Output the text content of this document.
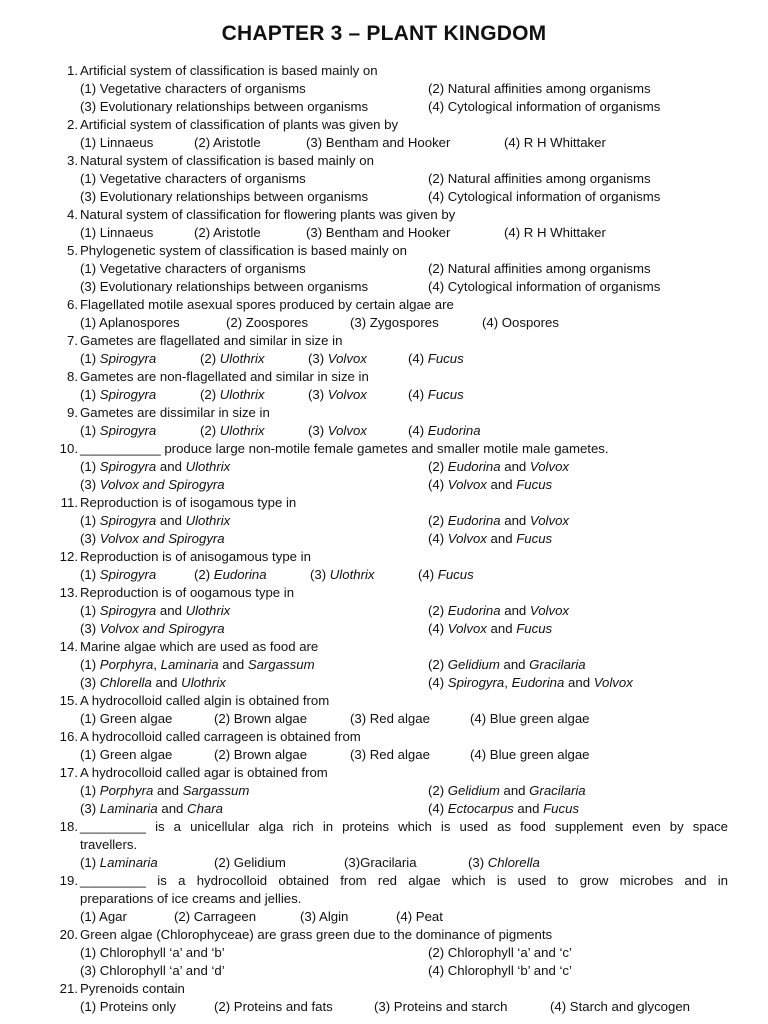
CHAPTER 3 – PLANT KINGDOM
1. Artificial system of classification is based mainly on
(1) Vegetative characters of organisms	(2) Natural affinities among organisms
(3) Evolutionary relationships between organisms	(4) Cytological information of organisms
2. Artificial system of classification of plants was given by
(1) Linnaeus	(2) Aristotle	(3) Bentham and Hooker	(4) R H Whittaker
3. Natural system of classification is based mainly on
(1) Vegetative characters of organisms	(2) Natural affinities among organisms
(3) Evolutionary relationships between organisms	(4) Cytological information of organisms
4. Natural system of classification for flowering plants was given by
(1) Linnaeus	(2) Aristotle	(3) Bentham and Hooker	(4) R H Whittaker
5. Phylogenetic system of classification is based mainly on
(1) Vegetative characters of organisms	(2) Natural affinities among organisms
(3) Evolutionary relationships between organisms	(4) Cytological information of organisms
6. Flagellated motile asexual spores produced by certain algae are
(1) Aplanospores	(2) Zoospores	(3) Zygospores	(4) Oospores
7. Gametes are flagellated and similar in size in
(1) Spirogyra	(2) Ulothrix	(3) Volvox	(4) Fucus
8. Gametes are non-flagellated and similar in size in
(1) Spirogyra	(2) Ulothrix	(3) Volvox	(4) Fucus
9. Gametes are dissimilar in size in
(1) Spirogyra	(2) Ulothrix	(3) Volvox	(4) Eudorina
10. ___________ produce large non-motile female gametes and smaller motile male gametes.
(1) Spirogyra and Ulothrix	(2) Eudorina and Volvox
(3) Volvox and Spirogyra	(4) Volvox and Fucus
11. Reproduction is of isogamous type in
(1) Spirogyra and Ulothrix	(2) Eudorina and Volvox
(3) Volvox and Spirogyra	(4) Volvox and Fucus
12. Reproduction is of anisogamous type in
(1) Spirogyra	(2) Eudorina	(3) Ulothrix	(4) Fucus
13. Reproduction is of oogamous type in
(1) Spirogyra and Ulothrix	(2) Eudorina and Volvox
(3) Volvox and Spirogyra	(4) Volvox and Fucus
14. Marine algae which are used as food are
(1) Porphyra, Laminaria and Sargassum	(2) Gelidium and Gracilaria
(3) Chlorella and Ulothrix	(4) Spirogyra, Eudorina and Volvox
15. A hydrocolloid called algin is obtained from
(1) Green algae	(2) Brown algae	(3) Red algae	(4) Blue green algae
16. A hydrocolloid called carrageen is obtained from
(1) Green algae	(2) Brown algae	(3) Red algae	(4) Blue green algae
17. A hydrocolloid called agar is obtained from
(1) Porphyra and Sargassum	(2) Gelidium and Gracilaria
(3) Laminaria and Chara	(4) Ectocarpus and Fucus
18. _________ is a unicellular alga rich in proteins which is used as food supplement even by space
travellers.
(1) Laminaria	(2) Gelidium	(3)Gracilaria	(3) Chlorella
19. _________ is a hydrocolloid obtained from red algae which is used to grow microbes and in
preparations of ice creams and jellies.
(1) Agar	(2) Carrageen	(3) Algin	(4) Peat
20. Green algae (Chlorophyceae) are grass green due to the dominance of pigments
(1) Chlorophyll ‘a’ and ‘b’	(2) Chlorophyll ‘a’ and ‘c’
(3) Chlorophyll ‘a’ and ‘d’	(4) Chlorophyll ‘b’ and ‘c’
21. Pyrenoids contain
(1) Proteins only	(2) Proteins and fats	(3) Proteins and starch	(4) Starch and glycogen
